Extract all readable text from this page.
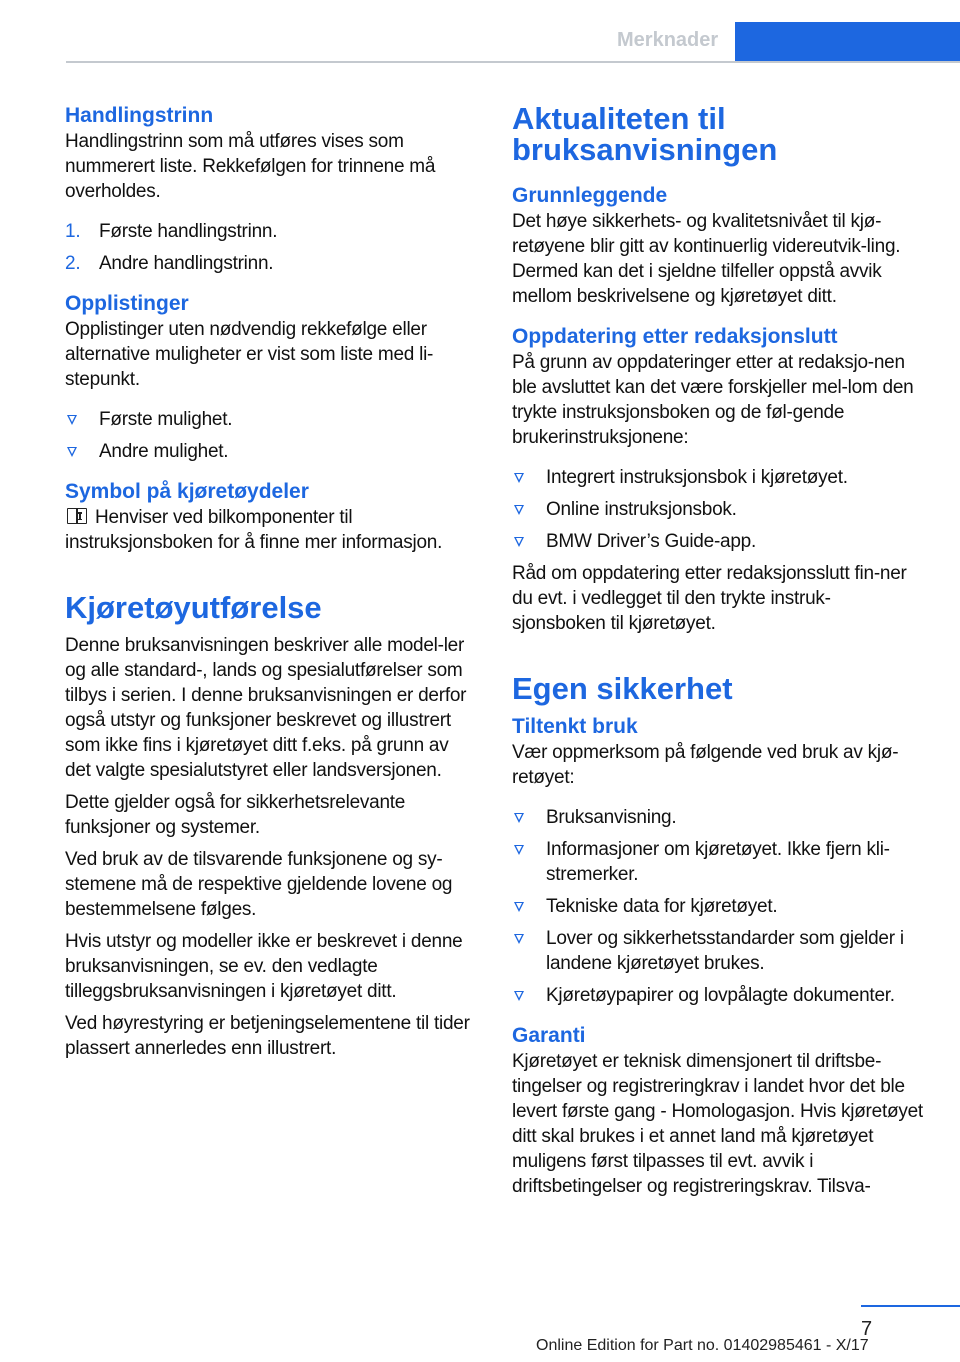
Merknader
Handlingstrinn
Handlingstrinn som må utføres vises som nummerert liste. Rekkefølgen for trinnene må overholdes.
1. Første handlingstrinn.
2. Andre handlingstrinn.
Opplistinger
Opplistinger uten nødvendig rekkefølge eller alternative muligheter er vist som liste med li-stepunkt.
Første mulighet.
Andre mulighet.
Symbol på kjøretøydeler
Henviser ved bilkomponenter til instruksjonsboken for å finne mer informasjon.
Kjøretøyutførelse
Denne bruksanvisningen beskriver alle model-ler og alle standard-, lands og spesialutførelser som tilbys i serien. I denne bruksanvisningen er derfor også utstyr og funksjoner beskrevet og illustrert som ikke fins i kjøretøyet ditt f.eks. på grunn av det valgte spesialutstyret eller landsversjonen.
Dette gjelder også for sikkerhetsrelevante funksjoner og systemer.
Ved bruk av de tilsvarende funksjonene og sy-stemene må de respektive gjeldende lovene og bestemmelsene følges.
Hvis utstyr og modeller ikke er beskrevet i denne bruksanvisningen, se ev. den vedlagte tilleggsbruksanvisningen i kjøretøyet ditt.
Ved høyrestyring er betjeningselementene til tider plassert annerledes enn illustrert.
Aktualiteten til bruksanvisningen
Grunnleggende
Det høye sikkerhets- og kvalitetsnivået til kjø-retøyene blir gitt av kontinuerlig videreutvik-ling. Dermed kan det i sjeldne tilfeller oppstå avvik mellom beskrivelsene og kjøretøyet ditt.
Oppdatering etter redaksjonslutt
På grunn av oppdateringer etter at redaksjo-nen ble avsluttet kan det være forskjeller mel-lom den trykte instruksjonsboken og de føl-gende brukerinstruksjonene:
Integrert instruksjonsbok i kjøretøyet.
Online instruksjonsbok.
BMW Driver’s Guide-app.
Råd om oppdatering etter redaksjonsslutt fin-ner du evt. i vedlegget til den trykte instruk-sjonsboken til kjøretøyet.
Egen sikkerhet
Tiltenkt bruk
Vær oppmerksom på følgende ved bruk av kjø-retøyet:
Bruksanvisning.
Informasjoner om kjøretøyet. Ikke fjern kli-stremerker.
Tekniske data for kjøretøyet.
Lover og sikkerhetsstandarder som gjelder i landene kjøretøyet brukes.
Kjøretøypapirer og lovpålagte dokumenter.
Garanti
Kjøretøyet er teknisk dimensjonert til driftsbe-tingelser og registreringkrav i landet hvor det ble levert første gang - Homologasjon. Hvis kjøretøyet ditt skal brukes i et annet land må kjøretøyet muligens først tilpasses til evt. avvik i driftsbetingelser og registreringskrav. Tilsva-
7
Online Edition for Part no. 01402985461 - X/17
